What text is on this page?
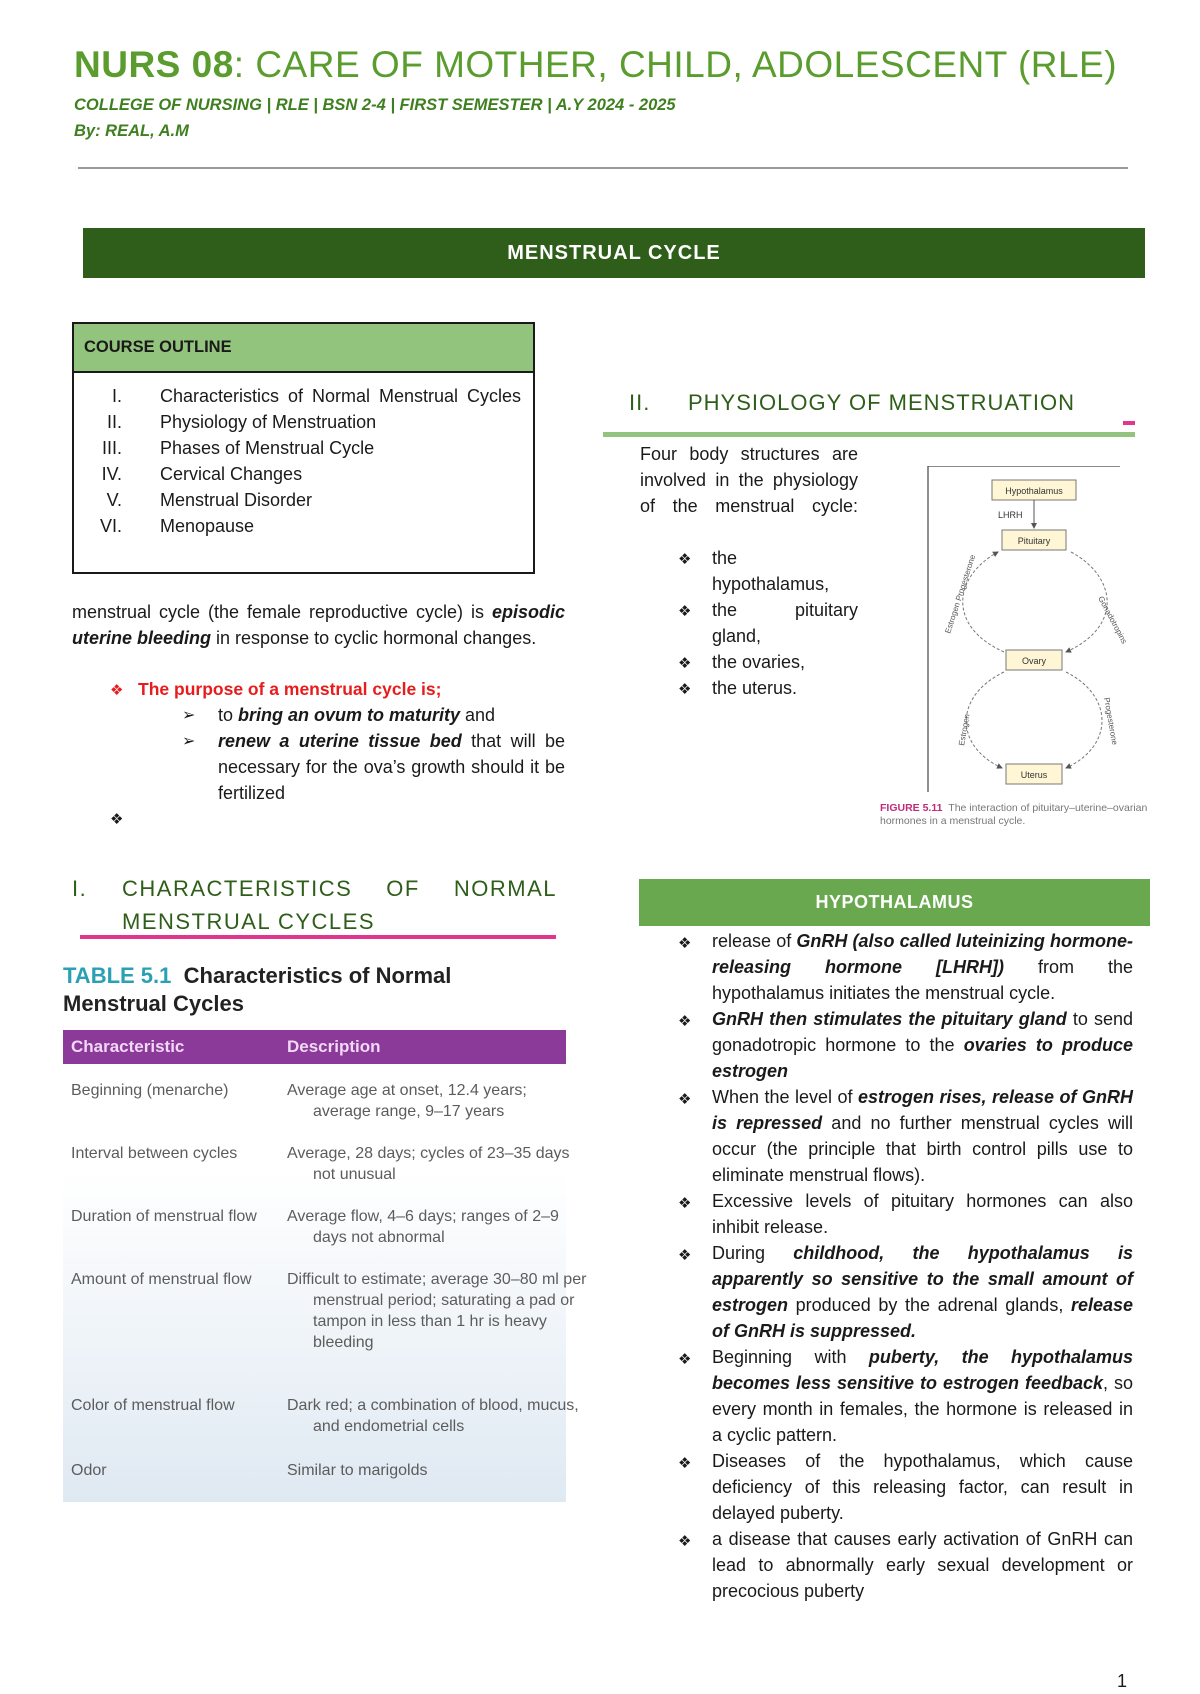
NURS 08: CARE OF MOTHER, CHILD, ADOLESCENT (RLE)
COLLEGE OF NURSING | RLE | BSN 2-4 | FIRST SEMESTER | A.Y 2024 - 2025
By: REAL, A.M
MENSTRUAL CYCLE
COURSE OUTLINE
I.	Characteristics of Normal Menstrual Cycles
II.	Physiology of Menstruation
III.	Phases of Menstrual Cycle
IV.	Cervical Changes
V.	Menstrual Disorder
VI.	Menopause
menstrual cycle (the female reproductive cycle) is episodic uterine bleeding in response to cyclic hormonal changes.
❖ The purpose of a menstrual cycle is;
➢ to bring an ovum to maturity and
➢ renew a uterine tissue bed that will be necessary for the ova’s growth should it be fertilized
❖
I. CHARACTERISTICS OF NORMAL
MENSTRUAL CYCLES
TABLE 5.1 Characteristics of Normal
Menstrual Cycles
Characteristic	Description
Beginning (menarche)	Average age at onset, 12.4 years; average range, 9–17 years
Interval between cycles	Average, 28 days; cycles of 23–35 days not unusual
Duration of menstrual flow	Average flow, 4–6 days; ranges of 2–9 days not abnormal
Amount of menstrual flow	Difficult to estimate; average 30–80 ml per menstrual period; saturating a pad or tampon in less than 1 hr is heavy bleeding
Color of menstrual flow	Dark red; a combination of blood, mucus, and endometrial cells
Odor	Similar to marigolds
II. PHYSIOLOGY OF MENSTRUATION
Four body structures are involved in the physiology of the menstrual cycle:
❖ the hypothalamus,
❖ the pituitary gland,
❖ the ovaries,
❖ the uterus.
Hypothalamus
LHRH
Pituitary
Ovary
Uterus
Gonadotropins
Estrogen Progesterone
Estrogen	Progesterone
FIGURE 5.11 The interaction of pituitary–uterine–ovarian hormones in a menstrual cycle.
HYPOTHALAMUS
❖ release of GnRH (also called luteinizing hormone-releasing hormone [LHRH]) from the hypothalamus initiates the menstrual cycle.
❖ GnRH then stimulates the pituitary gland to send gonadotropic hormone to the ovaries to produce estrogen
❖ When the level of estrogen rises, release of GnRH is repressed and no further menstrual cycles will occur (the principle that birth control pills use to eliminate menstrual flows).
❖ Excessive levels of pituitary hormones can also inhibit release.
❖ During childhood, the hypothalamus is apparently so sensitive to the small amount of estrogen produced by the adrenal glands, release of GnRH is suppressed.
❖ Beginning with puberty, the hypothalamus becomes less sensitive to estrogen feedback, so every month in females, the hormone is released in a cyclic pattern.
❖ Diseases of the hypothalamus, which cause deficiency of this releasing factor, can result in delayed puberty.
❖ a disease that causes early activation of GnRH can lead to abnormally early sexual development or precocious puberty
1
